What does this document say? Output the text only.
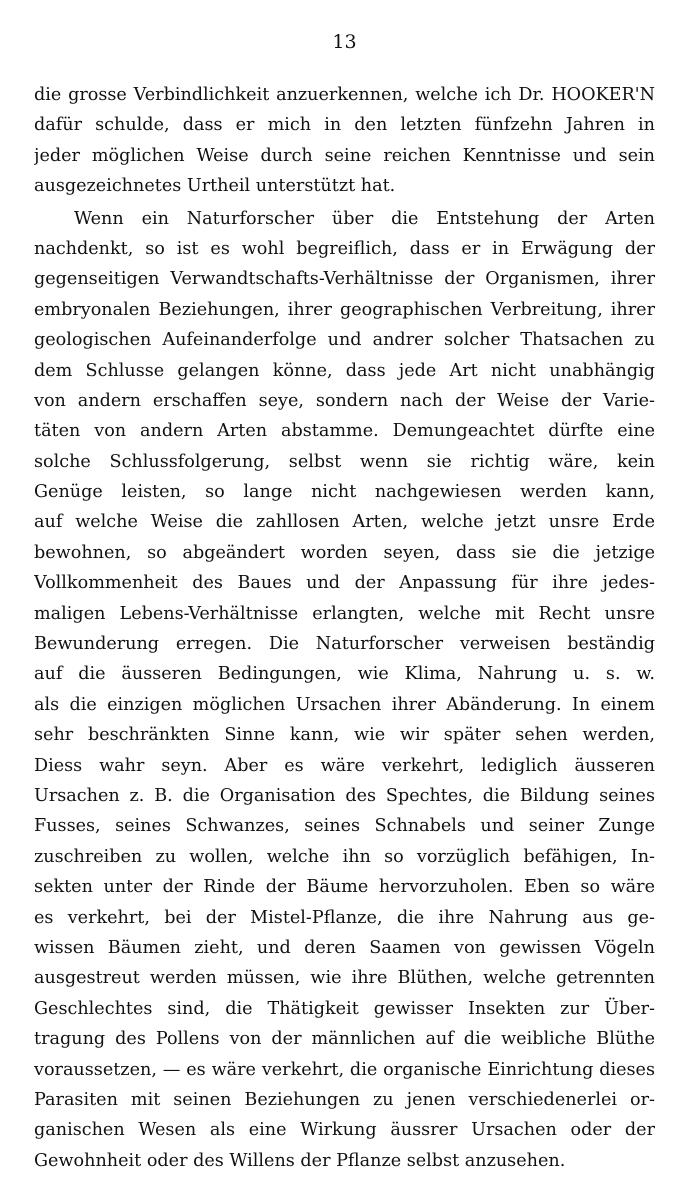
13
die grosse Verbindlichkeit anzuerkennen, welche ich Dr. HOOKER'N
dafür schulde, dass er mich in den letzten fünfzehn Jahren in
jeder möglichen Weise durch seine reichen Kenntnisse und sein
ausgezeichnetes Urtheil unterstützt hat.
Wenn ein Naturforscher über die Entstehung der Arten
nachdenkt, so ist es wohl begreiflich, dass er in Erwägung der
gegenseitigen Verwandtschafts-Verhältnisse der Organismen, ihrer
embryonalen Beziehungen, ihrer geographischen Verbreitung, ihrer
geologischen Aufeinanderfolge und andrer solcher Thatsachen zu
dem Schlusse gelangen könne, dass jede Art nicht unabhängig
von andern erschaffen seye, sondern nach der Weise der Varie-
täten von andern Arten abstamme. Demungeachtet dürfte eine
solche Schlussfolgerung, selbst wenn sie richtig wäre, kein
Genüge leisten, so lange nicht nachgewiesen werden kann,
auf welche Weise die zahllosen Arten, welche jetzt unsre Erde
bewohnen, so abgeändert worden seyen, dass sie die jetzige
Vollkommenheit des Baues und der Anpassung für ihre jedes-
maligen Lebens-Verhältnisse erlangten, welche mit Recht unsre
Bewunderung erregen. Die Naturforscher verweisen beständig
auf die äusseren Bedingungen, wie Klima, Nahrung u. s. w.
als die einzigen möglichen Ursachen ihrer Abänderung. In einem
sehr beschränkten Sinne kann, wie wir später sehen werden,
Diess wahr seyn. Aber es wäre verkehrt, lediglich äusseren
Ursachen z. B. die Organisation des Spechtes, die Bildung seines
Fusses, seines Schwanzes, seines Schnabels und seiner Zunge
zuschreiben zu wollen, welche ihn so vorzüglich befähigen, In-
sekten unter der Rinde der Bäume hervorzuholen. Eben so wäre
es verkehrt, bei der Mistel-Pflanze, die ihre Nahrung aus ge-
wissen Bäumen zieht, und deren Saamen von gewissen Vögeln
ausgestreut werden müssen, wie ihre Blüthen, welche getrennten
Geschlechtes sind, die Thätigkeit gewisser Insekten zur Über-
tragung des Pollens von der männlichen auf die weibliche Blüthe
voraussetzen, — es wäre verkehrt, die organische Einrichtung dieses
Parasiten mit seinen Beziehungen zu jenen verschiedenerlei or-
ganischen Wesen als eine Wirkung äussrer Ursachen oder der
Gewohnheit oder des Willens der Pflanze selbst anzusehen.
